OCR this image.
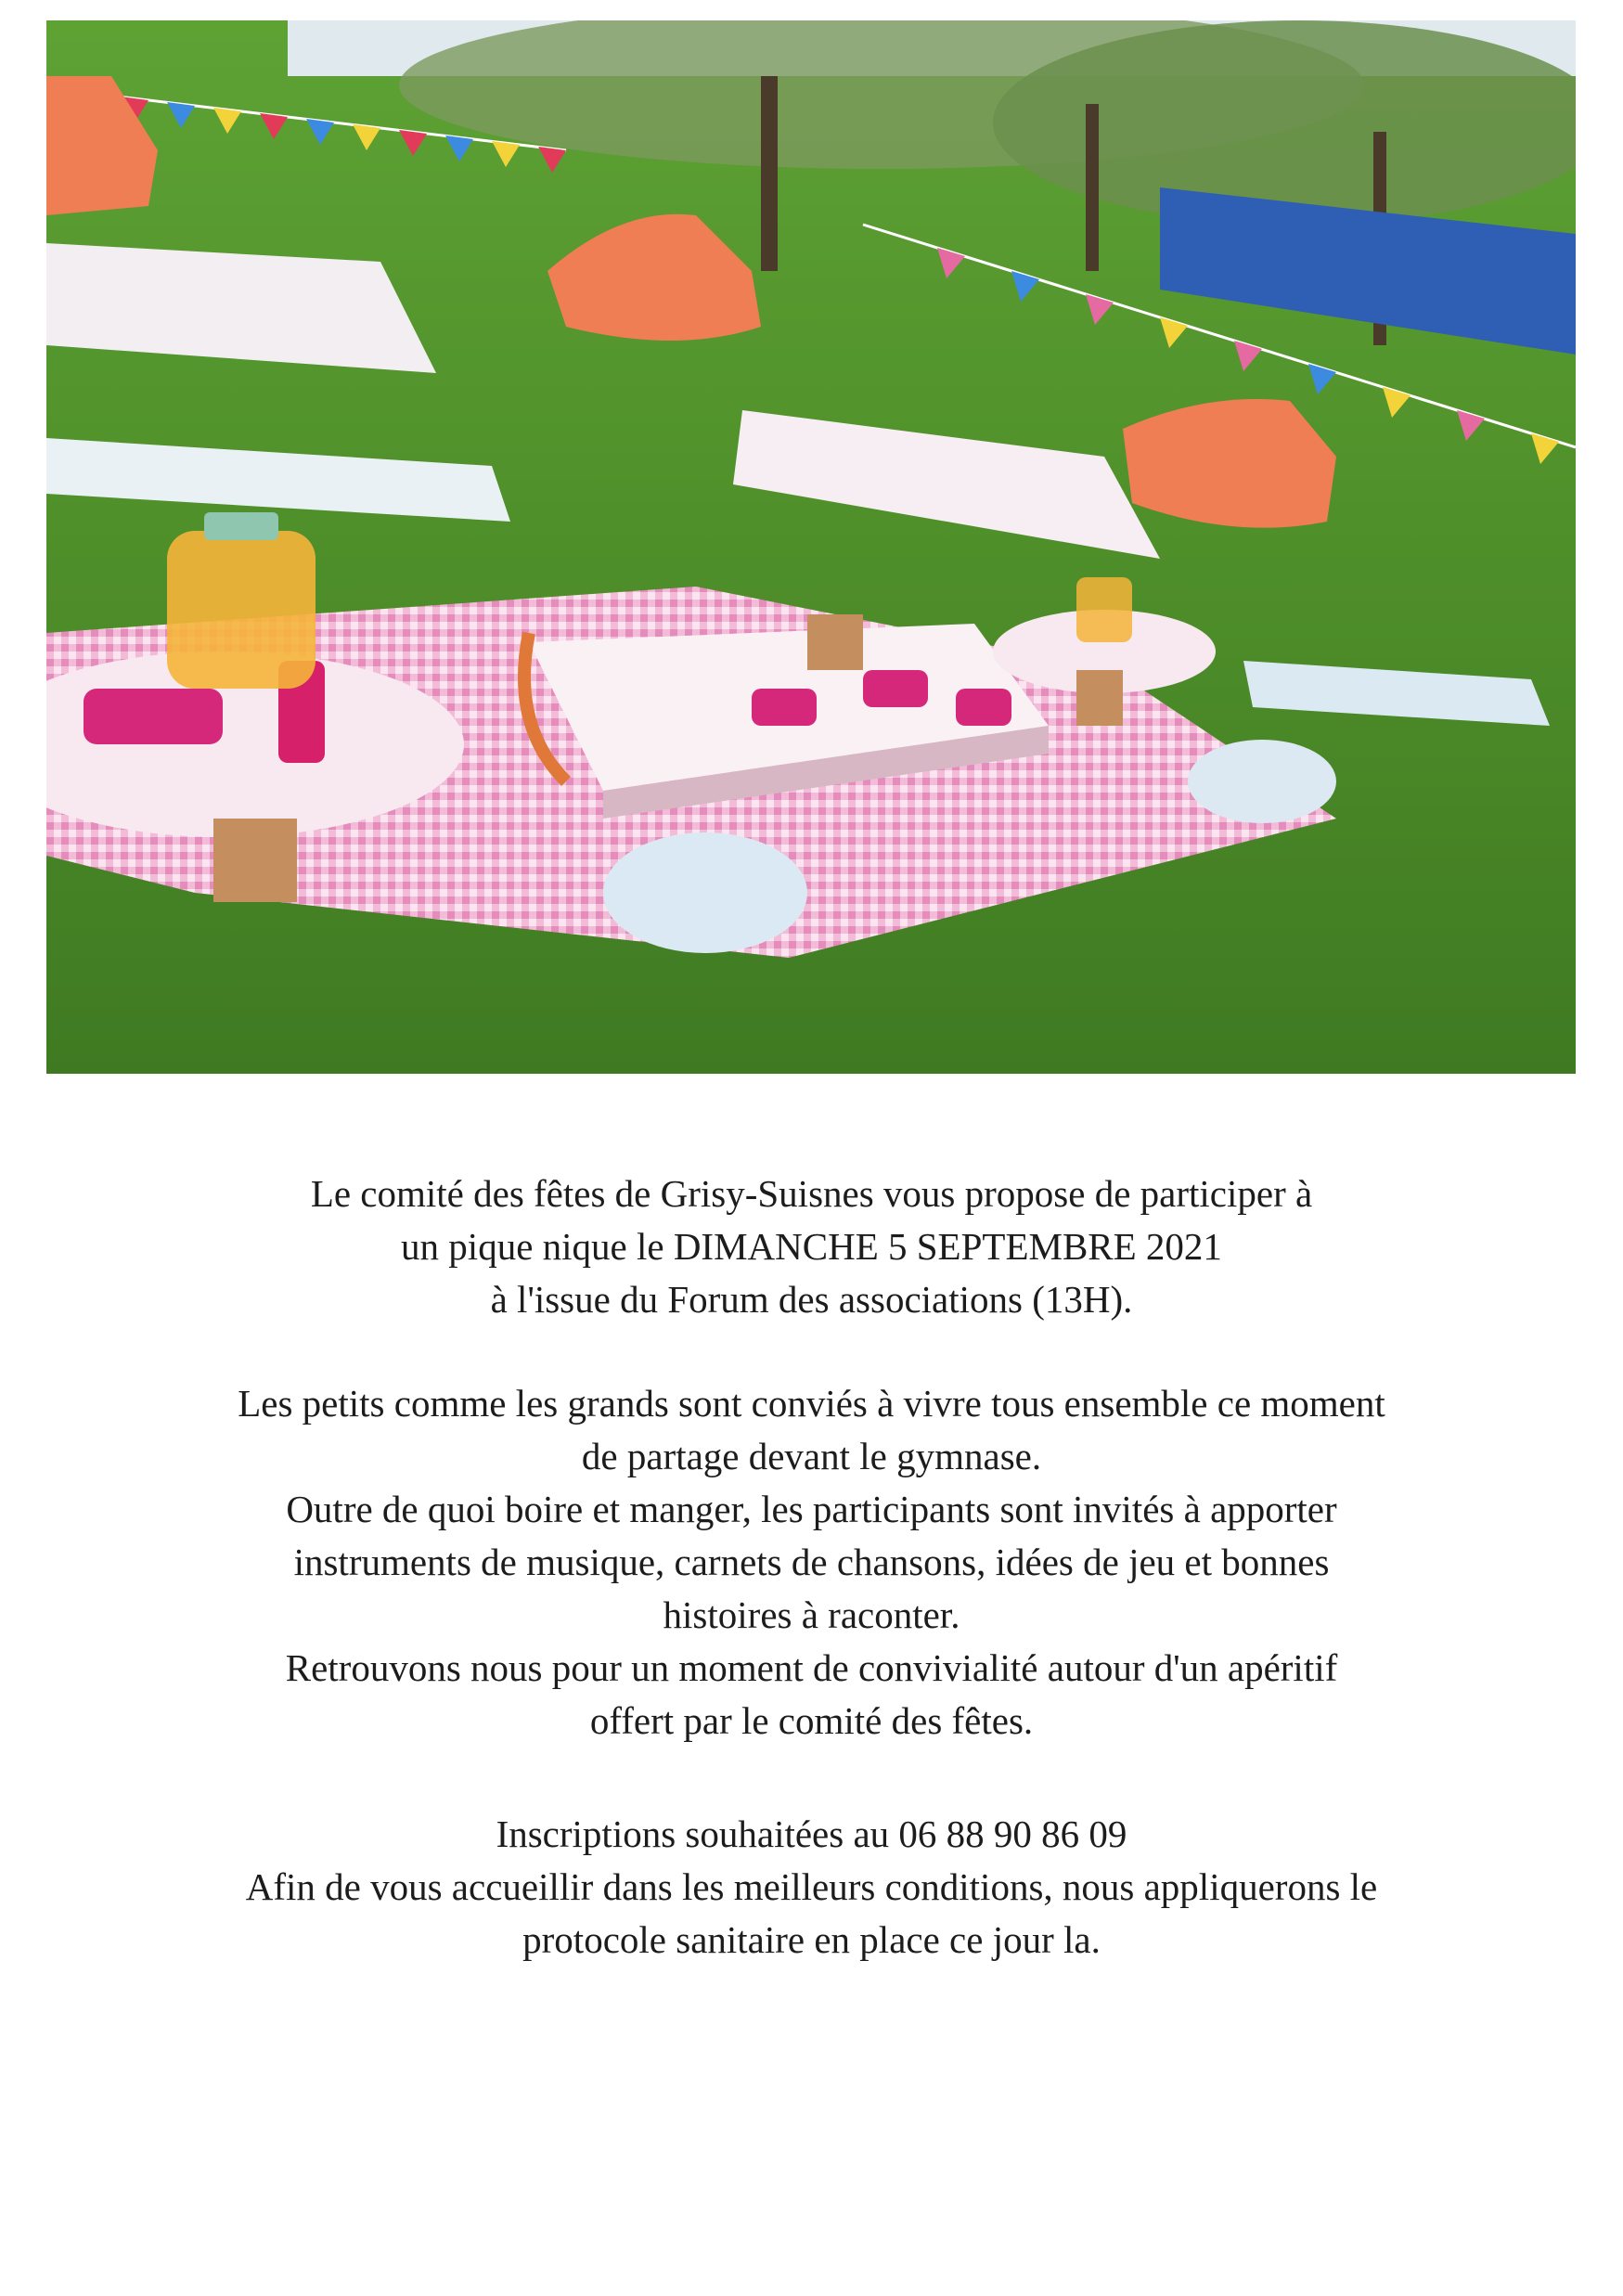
Le comité des fêtes de Grisy-Suisnes vous propose de participer à

un pique nique le DIMANCHE 5 SEPTEMBRE 2021

à l'issue du Forum des associations (13H).

Les petits comme les grands sont conviés à vivre tous ensemble ce moment

de partage devant le gymnase.

Outre de quoi boire et manger, les participants sont invités à apporter

instruments de musique, carnets de chansons, idées de jeu et bonnes

histoires à raconter.

Retrouvons nous pour un moment de convivialité autour d'un apéritif

offert par le comité des fêtes.

Inscriptions souhaitées au 06 88 90 86 09

Afin de vous accueillir dans les meilleurs conditions, nous appliquerons le

protocole sanitaire en place ce jour la.
